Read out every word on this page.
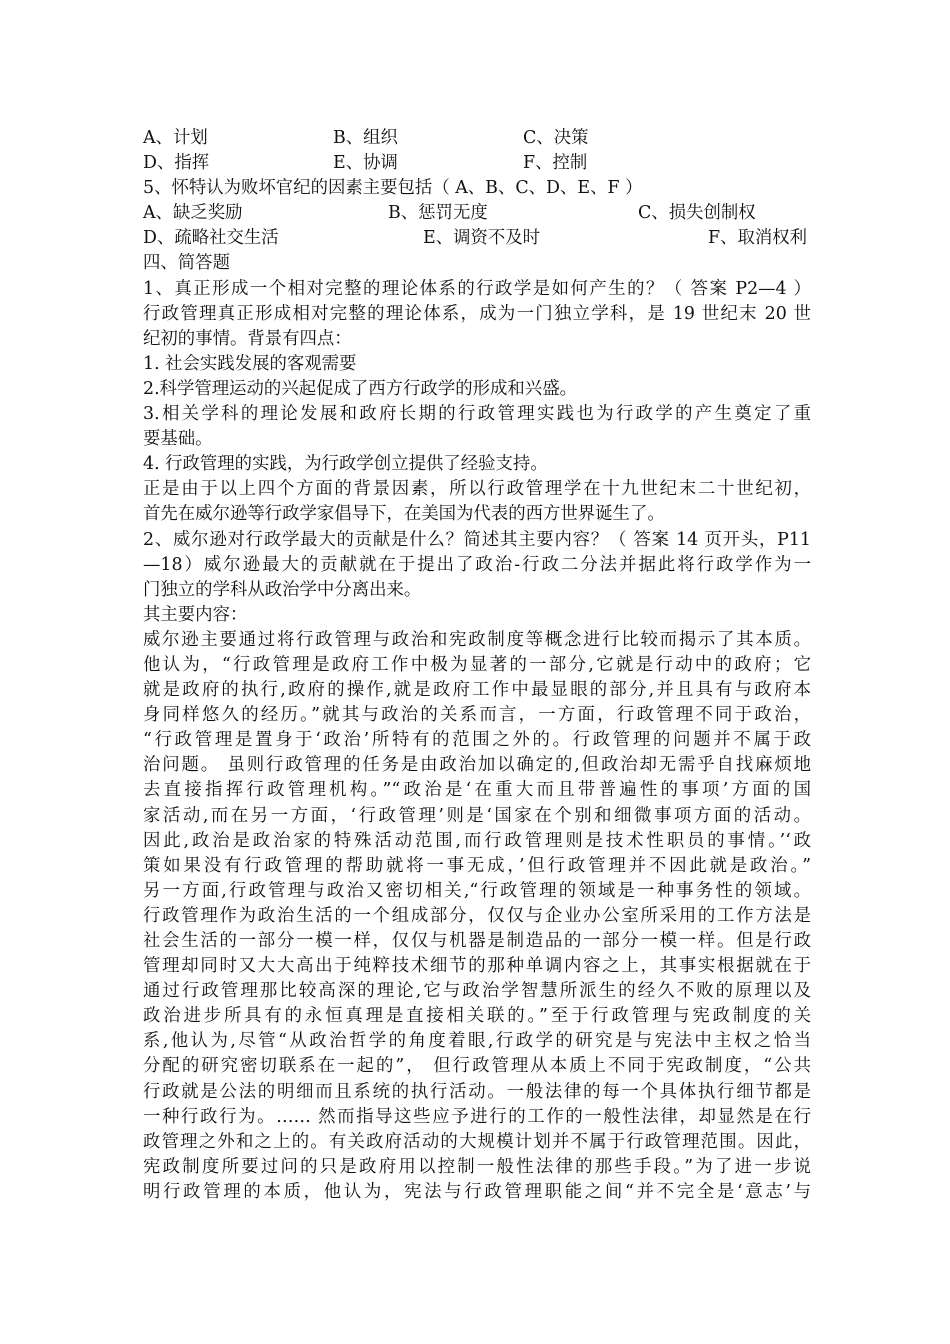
A、计划	B、组织	C、决策
D、指挥	E、协调	F、控制
5、怀特认为败坏官纪的因素主要包括（ A、B、C、D、E、F ）
A、缺乏奖励	B、惩罚无度	C、损失创制权
D、疏略社交生活	E、调资不及时	F、取消权利
四、简答题
1、真正形成一个相对完整的理论体系的行政学是如何产生的？（ 答案 P2—4 ）
行政管理真正形成相对完整的理论体系，成为一门独立学科，是 19 世纪末 20 世
纪初的事情。背景有四点：
1. 社会实践发展的客观需要
2.科学管理运动的兴起促成了西方行政学的形成和兴盛。
3.相关学科的理论发展和政府长期的行政管理实践也为行政学的产生奠定了重
要基础。
4. 行政管理的实践，为行政学创立提供了经验支持。
正是由于以上四个方面的背景因素，所以行政管理学在十九世纪末二十世纪初，
首先在威尔逊等行政学家倡导下，在美国为代表的西方世界诞生了。
2、威尔逊对行政学最大的贡献是什么？简述其主要内容？（ 答案 14 页开头，P11
—18）威尔逊最大的贡献就在于提出了政治-行政二分法并据此将行政学作为一
门独立的学科从政治学中分离出来。
其主要内容：
威尔逊主要通过将行政管理与政治和宪政制度等概念进行比较而揭示了其本质。
他认为，“行政管理是政府工作中极为显著的一部分,它就是行动中的政府；它
就是政府的执行,政府的操作,就是政府工作中最显眼的部分,并且具有与政府本
身同样悠久的经历。”就其与政治的关系而言，一方面，行政管理不同于政治，
“行政管理是置身于‘政治’所特有的范围之外的。行政管理的问题并不属于政
治问题。 虽则行政管理的任务是由政治加以确定的,但政治却无需乎自找麻烦地
去直接指挥行政管理机构。”“政治是‘在重大而且带普遍性的事项’方面的国
家活动,而在另一方面，‘行政管理’则是‘国家在个别和细微事项方面的活动。
因此,政治是政治家的特殊活动范围,而行政管理则是技术性职员的事情。’‘政
策如果没有行政管理的帮助就将一事无成，’但行政管理并不因此就是政治。”
另一方面,行政管理与政治又密切相关,“行政管理的领域是一种事务性的领域。
行政管理作为政治生活的一个组成部分，仅仅与企业办公室所采用的工作方法是
社会生活的一部分一模一样，仅仅与机器是制造品的一部分一模一样。但是行政
管理却同时又大大高出于纯粹技术细节的那种单调内容之上，其事实根据就在于
通过行政管理那比较高深的理论,它与政治学智慧所派生的经久不败的原理以及
政治进步所具有的永恒真理是直接相关联的。”至于行政管理与宪政制度的关
系,他认为,尽管“从政治哲学的角度着眼,行政学的研究是与宪法中主权之恰当
分配的研究密切联系在一起的”， 但行政管理从本质上不同于宪政制度，“公共
行政就是公法的明细而且系统的执行活动。一般法律的每一个具体执行细节都是
一种行政行为。…… 然而指导这些应予进行的工作的一般性法律，却显然是在行
政管理之外和之上的。有关政府活动的大规模计划并不属于行政管理范围。因此，
宪政制度所要过问的只是政府用以控制一般性法律的那些手段。”为了进一步说
明行政管理的本质，他认为，宪法与行政管理职能之间“并不完全是‘意志’与
